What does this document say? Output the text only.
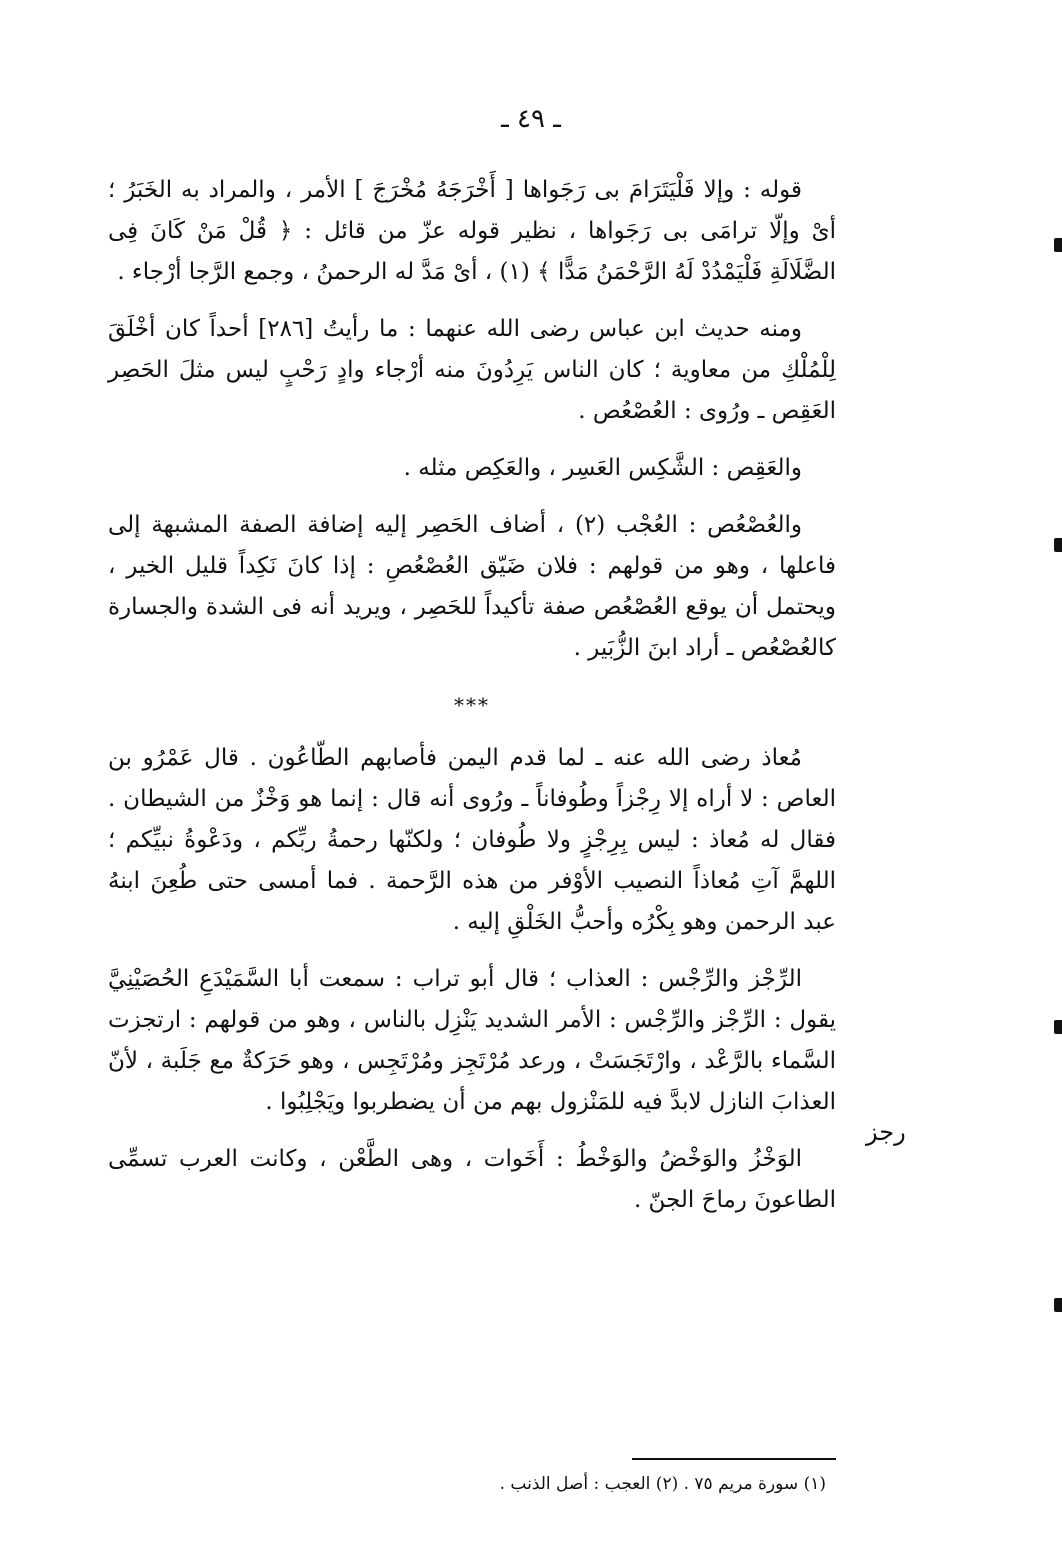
ـ ٤٩ ـ

قوله : وإلا فَلْيَتَرَامَ بى رَجَواها [ أَخْرَجَهُ مُخْرَجَ ] الأمر ، والمراد به الخَبَرُ ؛ أىْ وإلّا ترامَى بى رَجَواها ، نظير قوله عزّ من قائل : ﴿ قُلْ مَنْ كَانَ فِى الضَّلَالَةِ فَلْيَمْدُدْ لَهُ الرَّحْمَنُ مَدًّا ﴾ (١) ، أىْ مَدَّ له الرحمنُ ، وجمع الرَّجا أرْجاء .

ومنه حديث ابن عباس رضى الله عنهما : ما رأيتُ [٢٨٦] أحداً كان أخْلَقَ لِلْمُلْكِ من معاوية ؛ كان الناس يَرِدُونَ منه أرْجاء وادٍ رَحْبٍ ليس مثلَ الحَصِر العَقِص ـ ورُوى : العُصْعُص .

والعَقِص : الشَّكِس العَسِر ، والعَكِص مثله .

والعُصْعُص : العُجْب (٢) ، أضاف الحَصِر إليه إضافة الصفة المشبهة إلى فاعلها ، وهو من قولهم : فلان ضَيّق العُصْعُصِ : إذا كانَ نَكِداً قليل الخير ، ويحتمل أن يوقع العُصْعُص صفة تأكيداً للحَصِر ، ويريد أنه فى الشدة والجسارة كالعُصْعُص ـ أراد ابنَ الزُّبَير .

***

مُعاذ رضى الله عنه ـ لما قدم اليمن فأصابهم الطّاعُون . قال عَمْرُو بن العاص : لا أراه إلا رِجْزاً وطُوفاناً ـ ورُوى أنه قال : إنما هو وَخْزٌ من الشيطان . فقال له مُعاذ : ليس بِرِجْزٍ ولا طُوفان ؛ ولكنّها رحمةُ ربِّكم ، ودَعْوةُ نبيِّكم ؛ اللهمَّ آتِ مُعاذاً النصيب الأوْفر من هذه الرَّحمة . فما أمسى حتى طُعِنَ ابنهُ عبد الرحمن وهو بِكْرُه وأحبُّ الخَلْقِ إليه .

الرِّجْز والرِّجْس : العذاب ؛ قال أبو تراب : سمعت أبا السَّمَيْدَعِ الحُصَيْنِيَّ يقول : الرِّجْز والرِّجْس : الأمر الشديد يَنْزِل بالناس ، وهو من قولهم : ارتجزت السَّماء بالرَّعْد ، وارْتَجَسَتْ ، ورعد مُرْتَجِز ومُرْتَجِس ، وهو حَرَكةٌ مع جَلَبة ، لأنّ العذابَ النازل لابدَّ فيه للمَنْزول بهم من أن يضطربوا ويَجْلِبُوا .

الوَخْزُ والوَخْضُ والوَخْطُ : أَخَوات ، وهى الطَّعْن ، وكانت العرب تسمِّى الطاعونَ رماحَ الجنّ .

رجز
(١) سورة مريم ٧٥ . (٢) العجب : أصل الذنب .
